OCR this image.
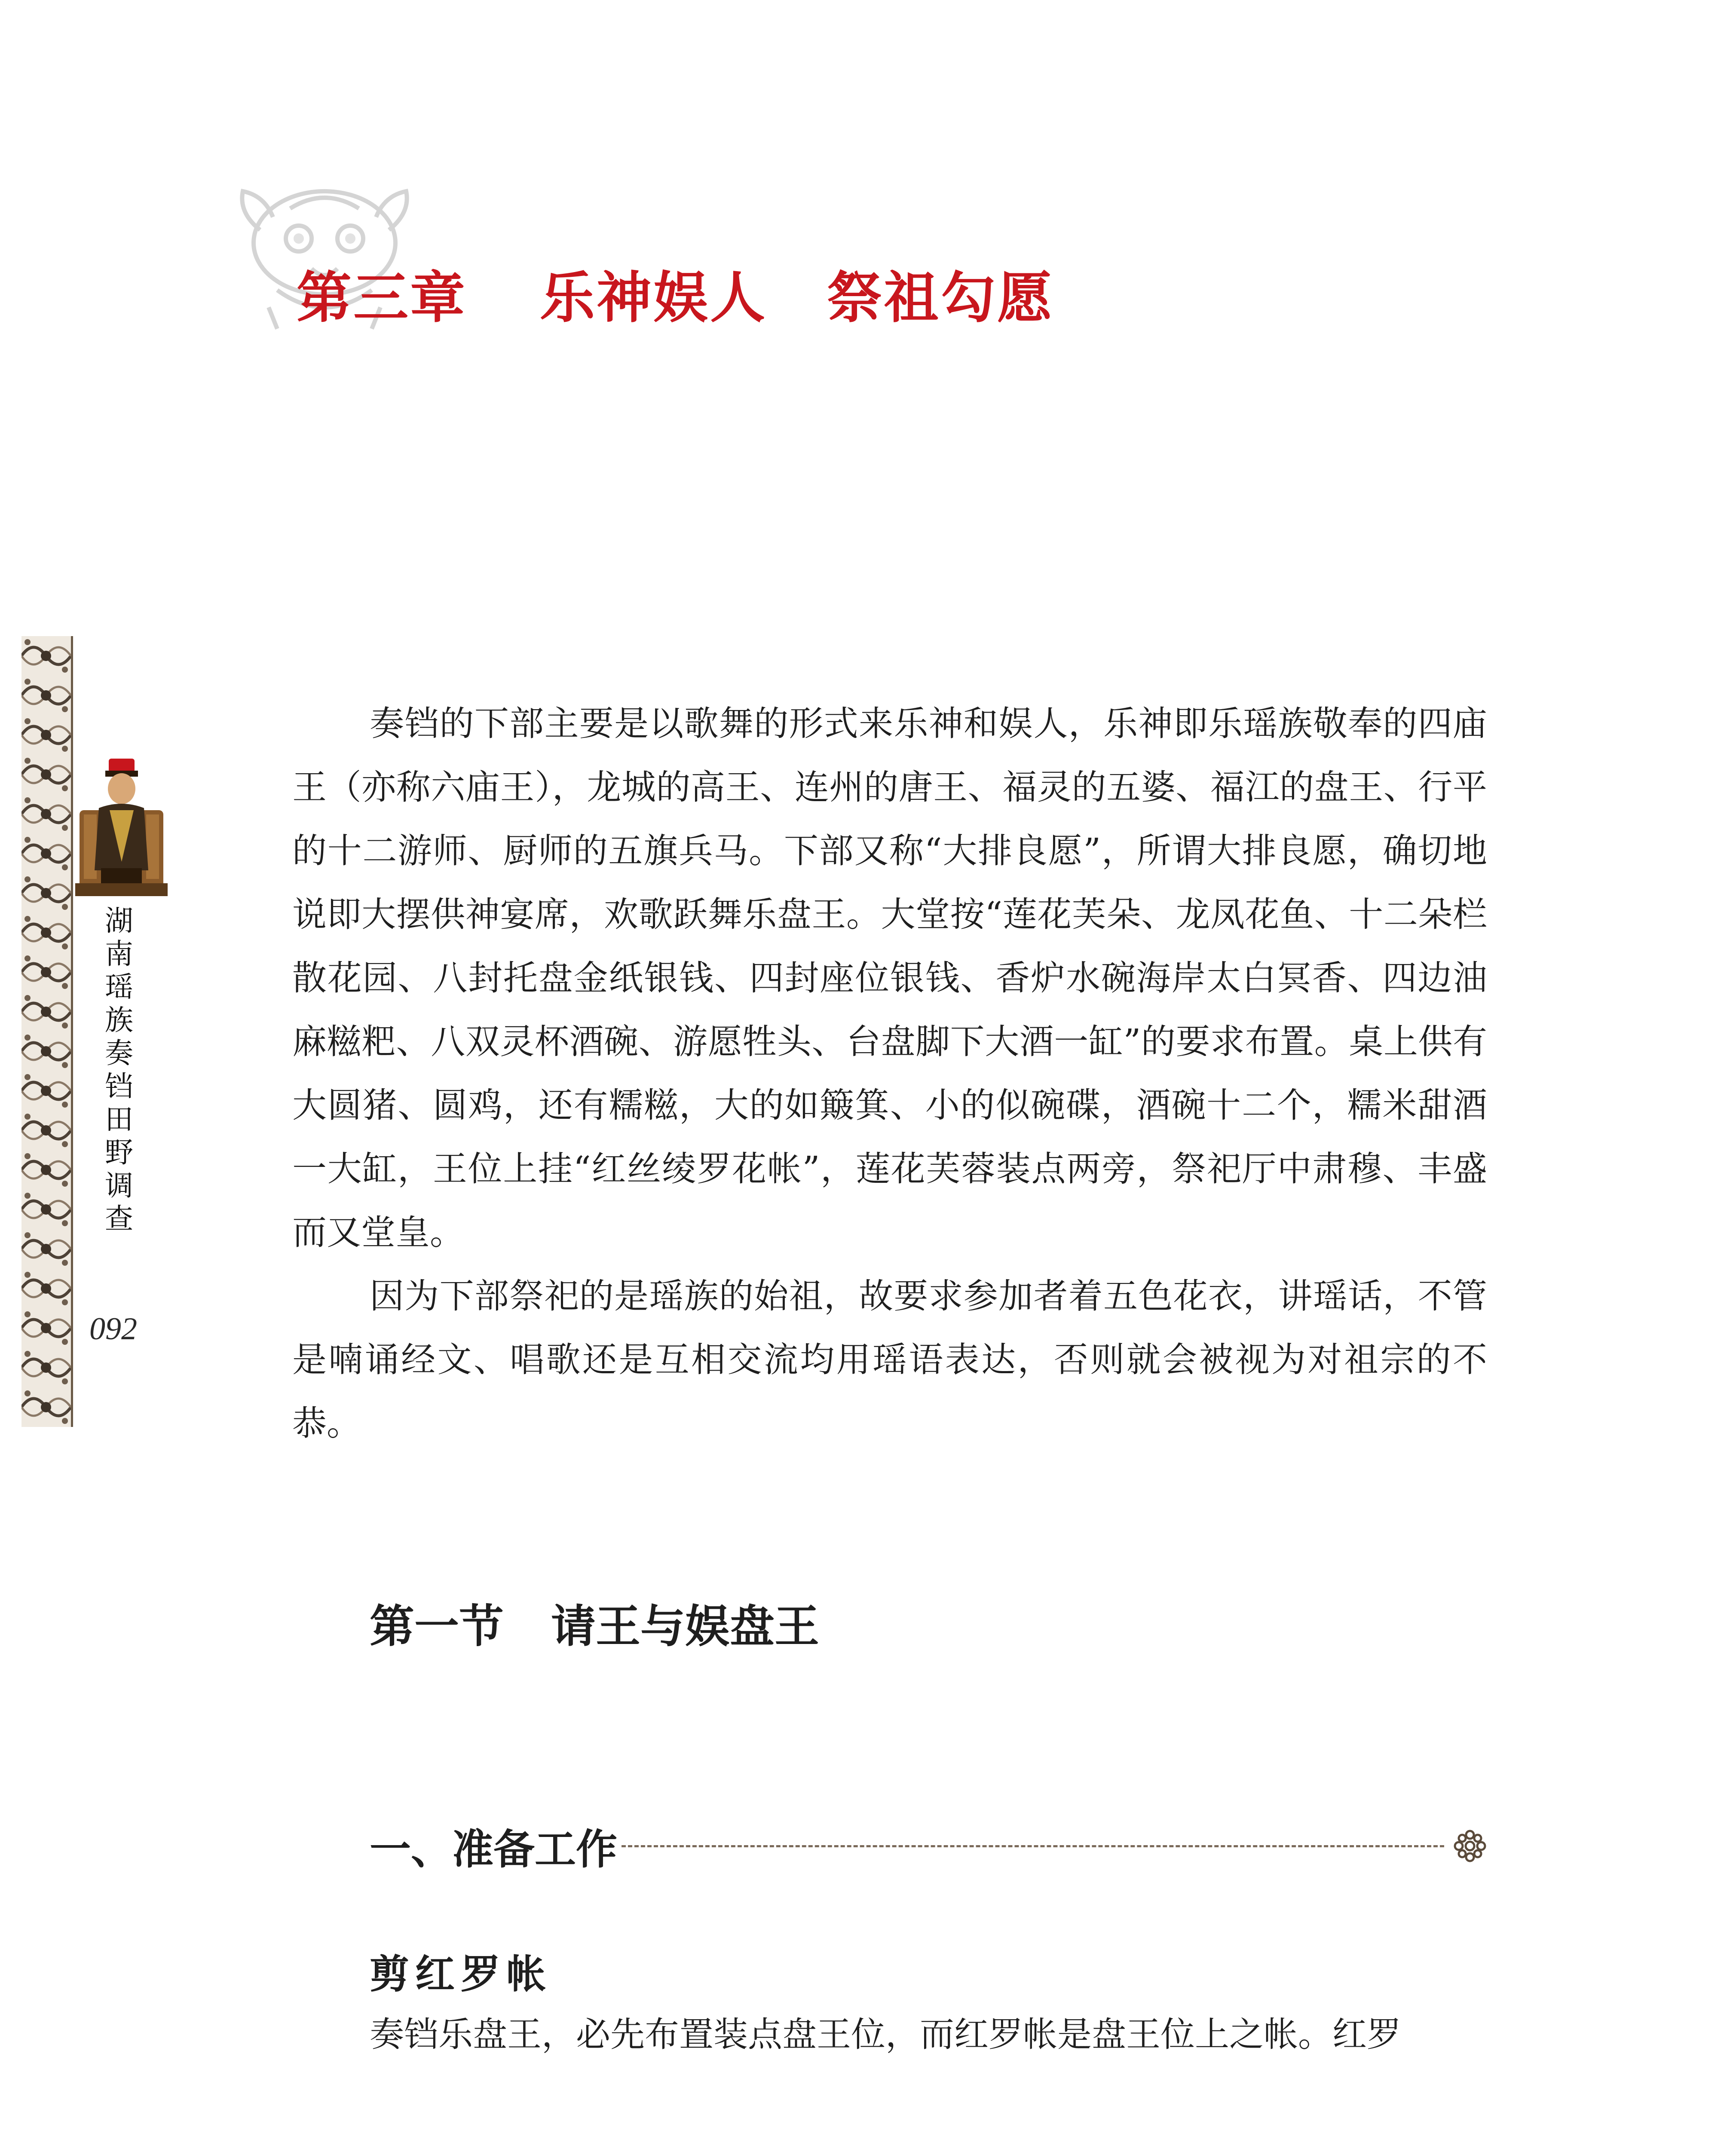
第三章 乐神娱人 祭祖勾愿
湖
南
瑶
族
奏
铛
田
野
调
查

092

奏铛的下部主要是以歌舞的形式来乐神和娱人，乐神即乐瑶族敬奉的四庙王（亦称六庙王），龙城的高王、连州的唐王、福灵的五婆、福江的盘王、行平的十二游师、厨师的五旗兵马。下部又称“大排良愿”，所谓大排良愿，确切地说即大摆供神宴席，欢歌跃舞乐盘王。大堂按“莲花芙朵、龙凤花鱼、十二朵栏散花园、八封托盘金纸银钱、四封座位银钱、香炉水碗海岸太白冥香、四边油麻糍粑、八双灵杯酒碗、游愿牲头、台盘脚下大酒一缸”的要求布置。桌上供有大圆猪、圆鸡，还有糯糍，大的如簸箕、小的似碗碟，酒碗十二个，糯米甜酒一大缸，王位上挂“红丝绫罗花帐”，莲花芙蓉装点两旁，祭祀厅中肃穆、丰盛而又堂皇。

因为下部祭祀的是瑶族的始祖，故要求参加者着五色花衣，讲瑶话，不管是喃诵经文、唱歌还是互相交流均用瑶语表达，否则就会被视为对祖宗的不恭。

第一节 请王与娱盘王
一、准备工作
剪红罗帐

奏铛乐盘王，必先布置装点盘王位，而红罗帐是盘王位上之帐。红罗
